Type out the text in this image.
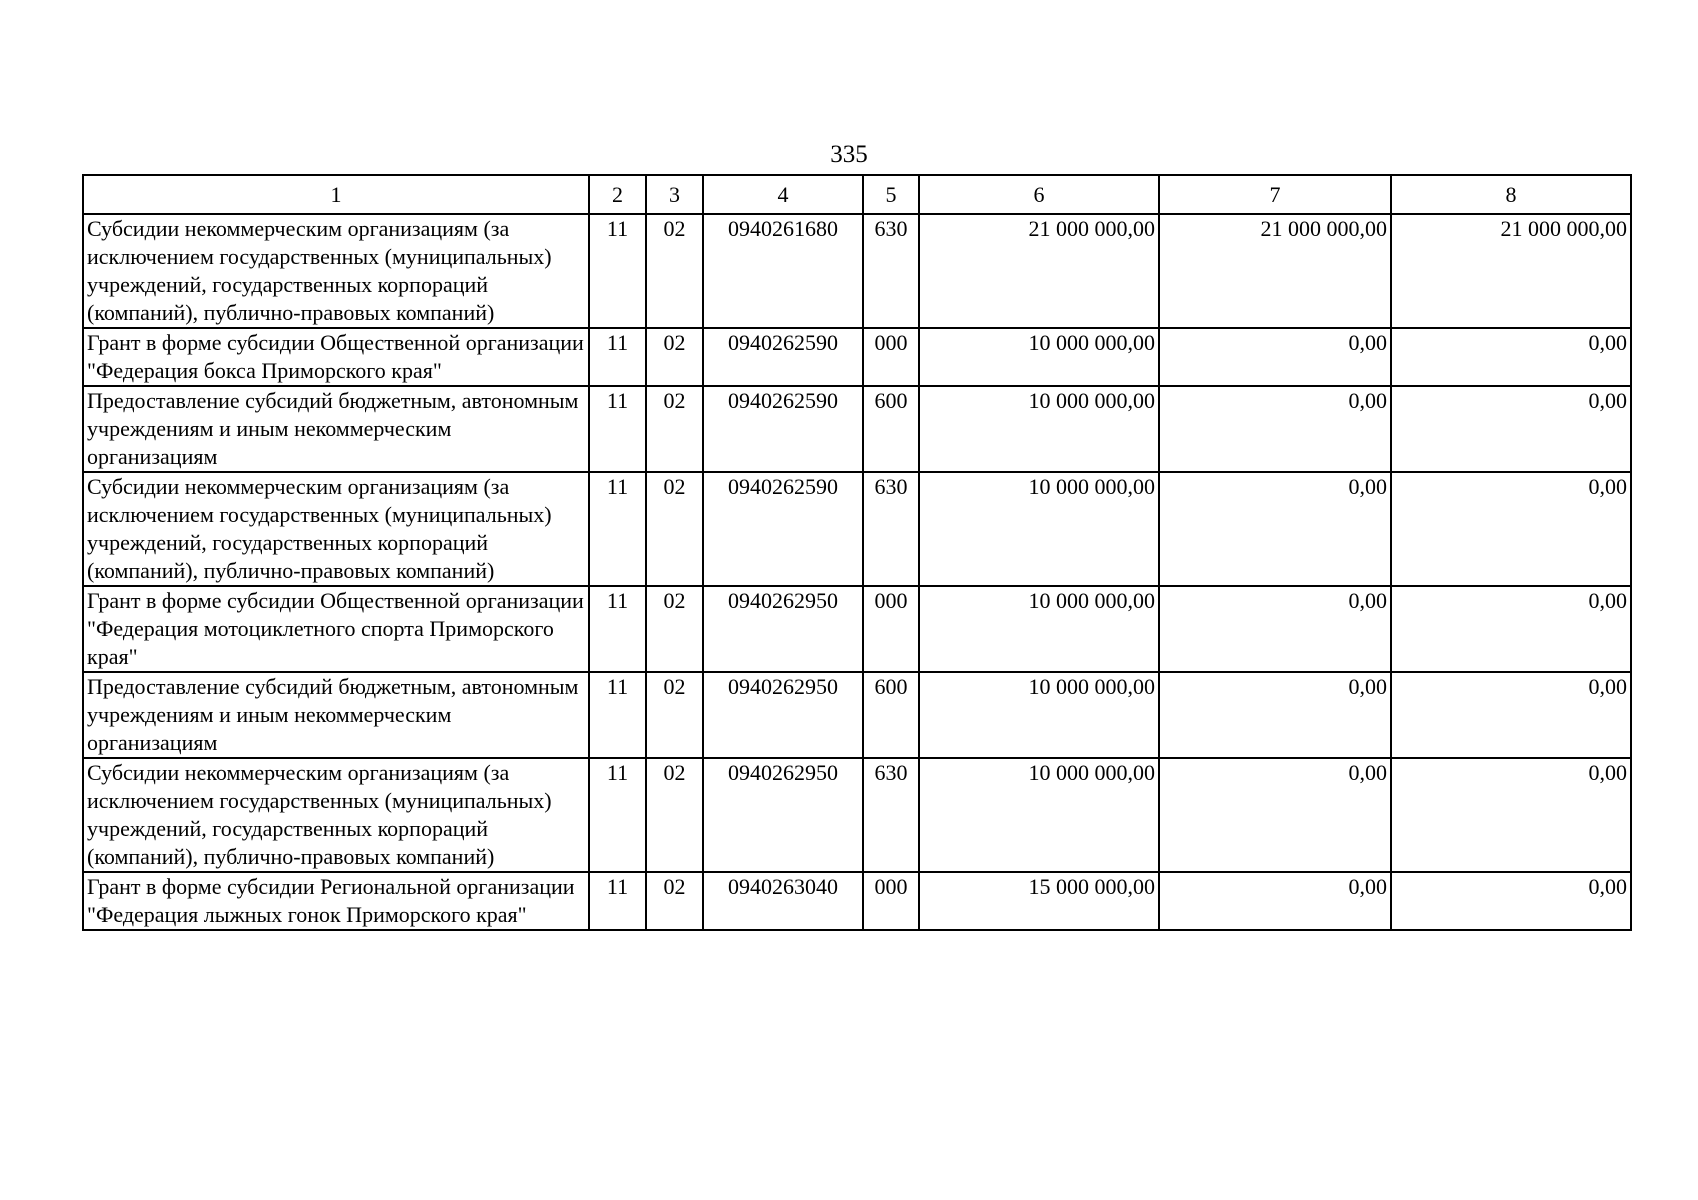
335
1	2	3	4	5	6	7	8
Субсидии некоммерческим организациям (за исключением государственных (муниципальных) учреждений, государственных корпораций (компаний), публично-правовых компаний)	11	02	0940261680	630	21 000 000,00	21 000 000,00	21 000 000,00
Грант в форме субсидии Общественной организации "Федерация бокса Приморского края"	11	02	0940262590	000	10 000 000,00	0,00	0,00
Предоставление субсидий бюджетным, автономным учреждениям и иным некоммерческим организациям	11	02	0940262590	600	10 000 000,00	0,00	0,00
Субсидии некоммерческим организациям (за исключением государственных (муниципальных) учреждений, государственных корпораций (компаний), публично-правовых компаний)	11	02	0940262590	630	10 000 000,00	0,00	0,00
Грант в форме субсидии Общественной организации "Федерация мотоциклетного спорта Приморского края"	11	02	0940262950	000	10 000 000,00	0,00	0,00
Предоставление субсидий бюджетным, автономным учреждениям и иным некоммерческим организациям	11	02	0940262950	600	10 000 000,00	0,00	0,00
Субсидии некоммерческим организациям (за исключением государственных (муниципальных) учреждений, государственных корпораций (компаний), публично-правовых компаний)	11	02	0940262950	630	10 000 000,00	0,00	0,00
Грант в форме субсидии Региональной организации "Федерация лыжных гонок Приморского края"	11	02	0940263040	000	15 000 000,00	0,00	0,00
